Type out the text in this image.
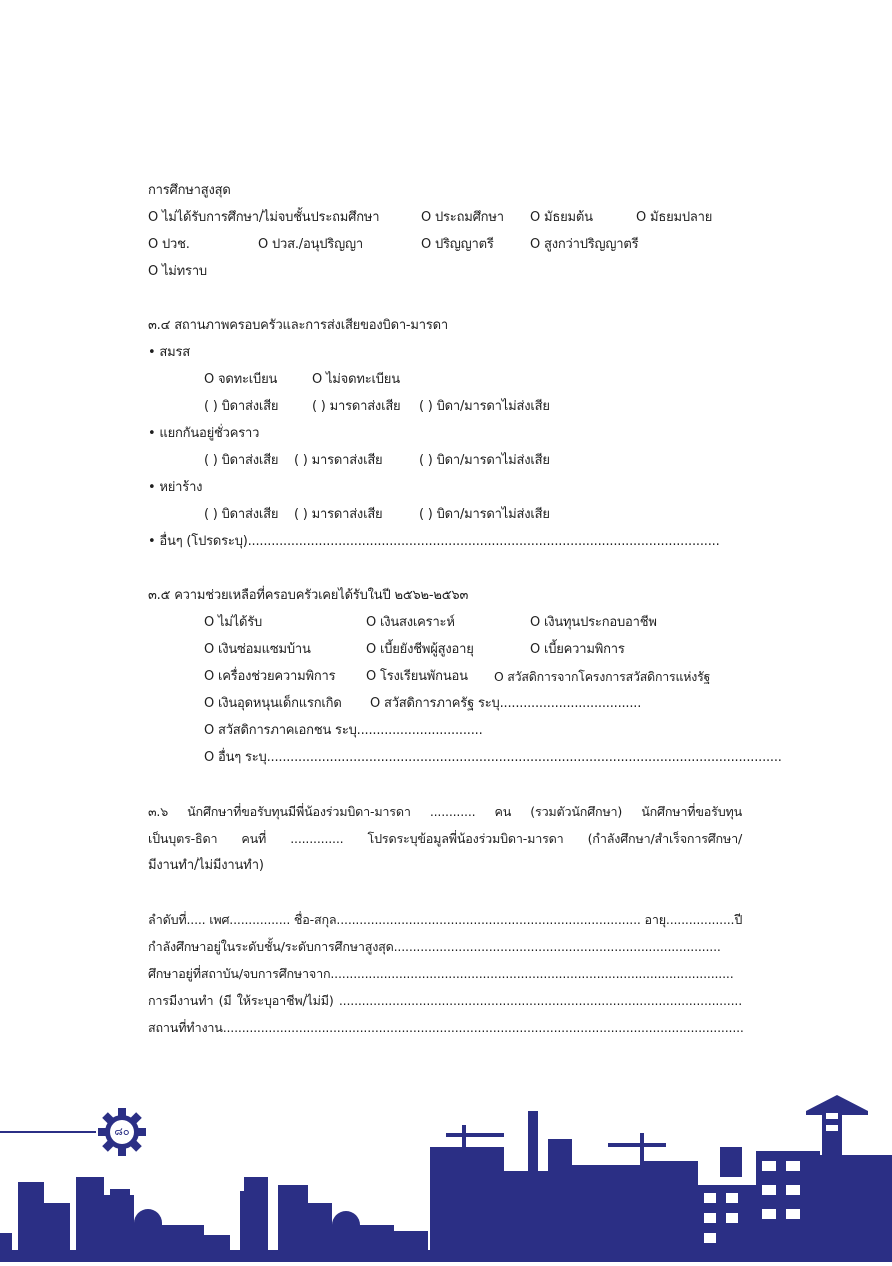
การศึกษาสูงสุด
O ไม่ได้รับการศึกษา/ไม่จบชั้นประถมศึกษา	O ประถมศึกษา O มัธยมต้น	O มัธยมปลาย
O ปวช.	O ปวส./อนุปริญญา	O ปริญญาตรี	O สูงกว่าปริญญาตรี
O ไม่ทราบ
๓.๔ สถานภาพครอบครัวและการส่งเสียของบิดา-มารดา
• สมรส
O จดทะเบียน	O ไม่จดทะเบียน
( ) บิดาส่งเสีย	( ) มารดาส่งเสีย ( ) บิดา/มารดาไม่ส่งเสีย
• แยกกันอยู่ชั่วคราว
( ) บิดาส่งเสีย ( ) มารดาส่งเสีย	( ) บิดา/มารดาไม่ส่งเสีย
• หย่าร้าง
( ) บิดาส่งเสีย ( ) มารดาส่งเสีย	( ) บิดา/มารดาไม่ส่งเสีย
• อื่นๆ (โปรดระบุ)........................................................................................................................
๓.๕ ความช่วยเหลือที่ครอบครัวเคยได้รับในปี ๒๕๖๒-๒๕๖๓
O ไม่ได้รับ	O เงินสงเคราะห์	O เงินทุนประกอบอาชีพ
O เงินซ่อมแซมบ้าน	O เบี้ยยังชีพผู้สูงอายุ	O เบี้ยความพิการ
O เครื่องช่วยความพิการ O โรงเรียนพักนอน O สวัสดิการจากโครงการสวัสดิการแห่งรัฐ
O เงินอุดหนุนเด็กแรกเกิด O สวัสดิการภาครัฐ ระบุ....................................
O สวัสดิการภาคเอกชน ระบุ................................
O อื่นๆ ระบุ...................................................................................................................................
๓.๖ นักศึกษาที่ขอรับทุนมีพี่น้องร่วมบิดา-มารดา ............ คน (รวมตัวนักศึกษา) นักศึกษาที่ขอรับทุน
เป็นบุตร-ธิดา คนที่ .............. โปรดระบุข้อมูลพี่น้องร่วมบิดา-มารดา (กำลังศึกษา/สำเร็จการศึกษา/
มีงานทำ/ไม่มีงานทำ)
ลำดับที่..... เพศ................ ชื่อ-สกุล................................................................................ อายุ..................ปี
กำลังศึกษาอยู่ในระดับชั้น/ระดับการศึกษาสูงสุด......................................................................................
ศึกษาอยู่ที่สถาบัน/จบการศึกษาจาก..........................................................................................................
การมีงานทำ (มี ให้ระบุอาชีพ/ไม่มี) ..........................................................................................................
สถานที่ทำงาน.........................................................................................................................................
๘๐
